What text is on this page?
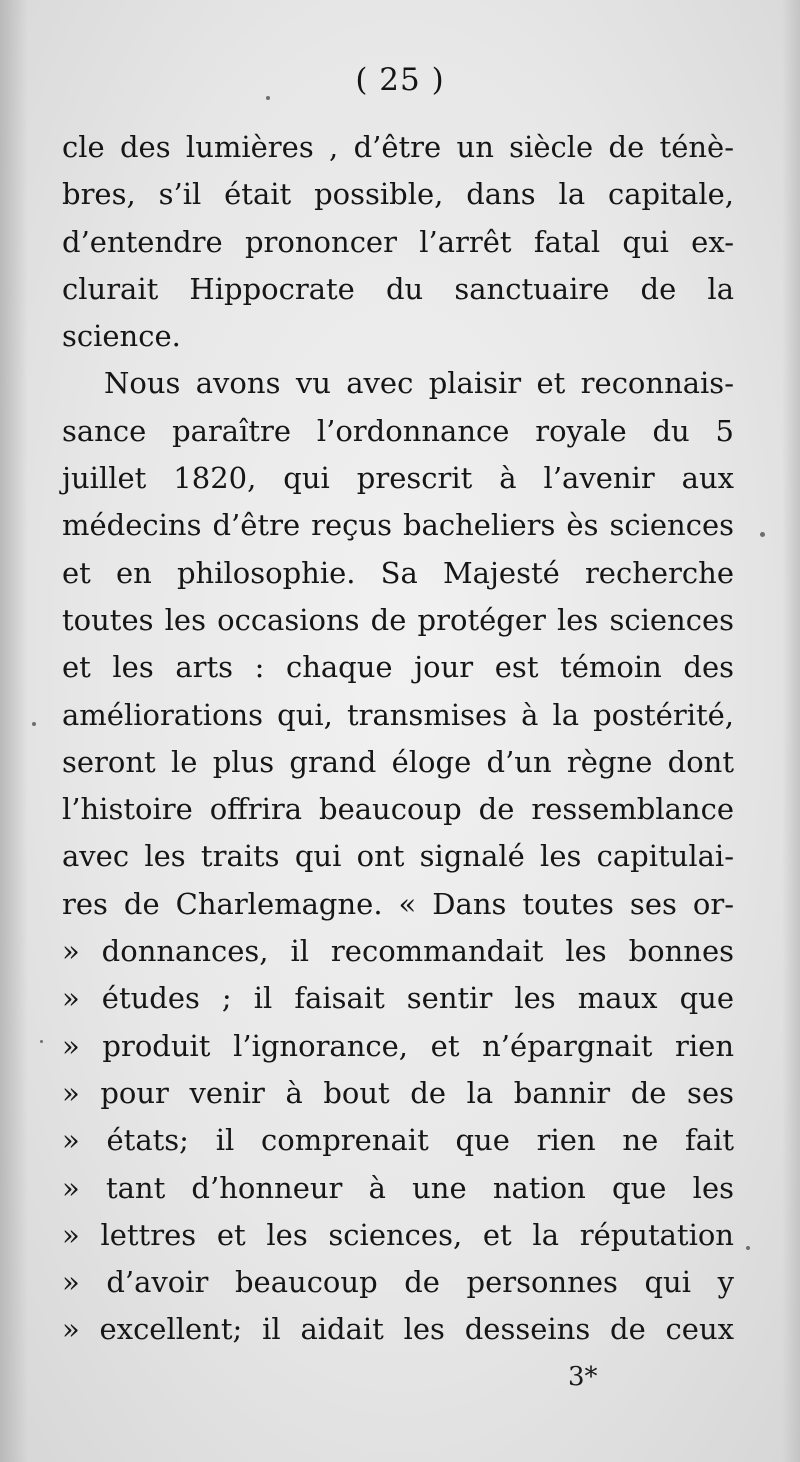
( 25 )
cle des lumières , d’être un siècle de ténè-
bres, s’il était possible, dans la capitale,
d’entendre prononcer l’arrêt fatal qui ex-
clurait Hippocrate du sanctuaire de la
science.
Nous avons vu avec plaisir et reconnais-
sance paraître l’ordonnance royale du 5
juillet 1820, qui prescrit à l’avenir aux
médecins d’être reçus bacheliers ès sciences
et en philosophie. Sa Majesté recherche
toutes les occasions de protéger les sciences
et les arts : chaque jour est témoin des
améliorations qui, transmises à la postérité,
seront le plus grand éloge d’un règne dont
l’histoire offrira beaucoup de ressemblance
avec les traits qui ont signalé les capitulai-
res de Charlemagne. « Dans toutes ses or-
» donnances, il recommandait les bonnes
» études ; il faisait sentir les maux que
» produit l’ignorance, et n’épargnait rien
» pour venir à bout de la bannir de ses
» états; il comprenait que rien ne fait
» tant d’honneur à une nation que les
» lettres et les sciences, et la réputation
» d’avoir beaucoup de personnes qui y
» excellent; il aidait les desseins de ceux
3*
